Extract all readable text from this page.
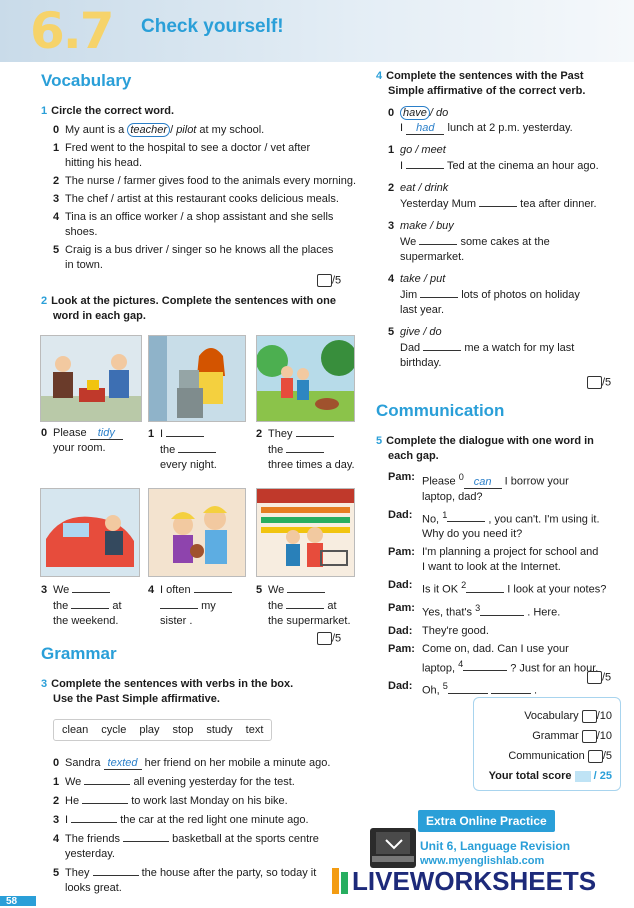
6.7 Check yourself!
Vocabulary
1 Circle the correct word.
0 My aunt is a teacher / pilot at my school.
1 Fred went to the hospital to see a doctor / vet after
hitting his head.
2 The nurse / farmer gives food to the animals every morning.
3 The chef / artist at this restaurant cooks delicious meals.
4 Tina is an office worker / a shop assistant and she sells
shoes.
5 Craig is a bus driver / singer so he knows all the places
in town.
/5
2 Look at the pictures. Complete the sentences with one
word in each gap.
0 Please tidy
your room.
1 I
the
every night.
2 They
the
three times a day.
3 We
the	at
the weekend.
4 I often
my
sister .
5 We
the	at
the supermarket.
/5
Grammar
3 Complete the sentences with verbs in the box.
Use the Past Simple affirmative.
clean cycle play stop study text
0 Sandra texted her friend on her mobile a minute ago.
1 We	all evening yesterday for the test.
2 He	to work last Monday on his bike.
3 I	the car at the red light one minute ago.
4 The friends	basketball at the sports centre
yesterday.
5 They	the house after the party, so today it
looks great.
4 Complete the sentences with the Past
Simple affirmative of the correct verb.
0 have / do
I had lunch at 2 p.m. yesterday.
1 go / meet
I	Ted at the cinema an hour ago.
2 eat / drink
Yesterday Mum	tea after dinner.
3 make / buy
We	some cakes at the
supermarket.
4 take / put
Jim	lots of photos on holiday
last year.
5 give / do
Dad	me a watch for my last
birthday.
/5
Communication
5 Complete the dialogue with one word in
each gap.
Pam: Please $^0$ can I borrow your
laptop, dad?
Dad: No, $^1$	, you can't. I'm using it.
Why do you need it?
Pam: I'm planning a project for school and
I want to look at the Internet.
Dad: Is it OK $^2$	I look at your notes?
Pam: Yes, that's $^3$	. Here.
Dad: They're good.
Pam: Come on, dad. Can I use your
laptop, $^4$	? Just for an hour.
Dad: Oh, $^5$	.
/5
Vocabulary /10
Grammar /10
Communication /5
Your total score / 25
Extra Online Practice
Unit 6, Language Revision
www.myenglishlab.com
LIVEWORKSHEETS
58
